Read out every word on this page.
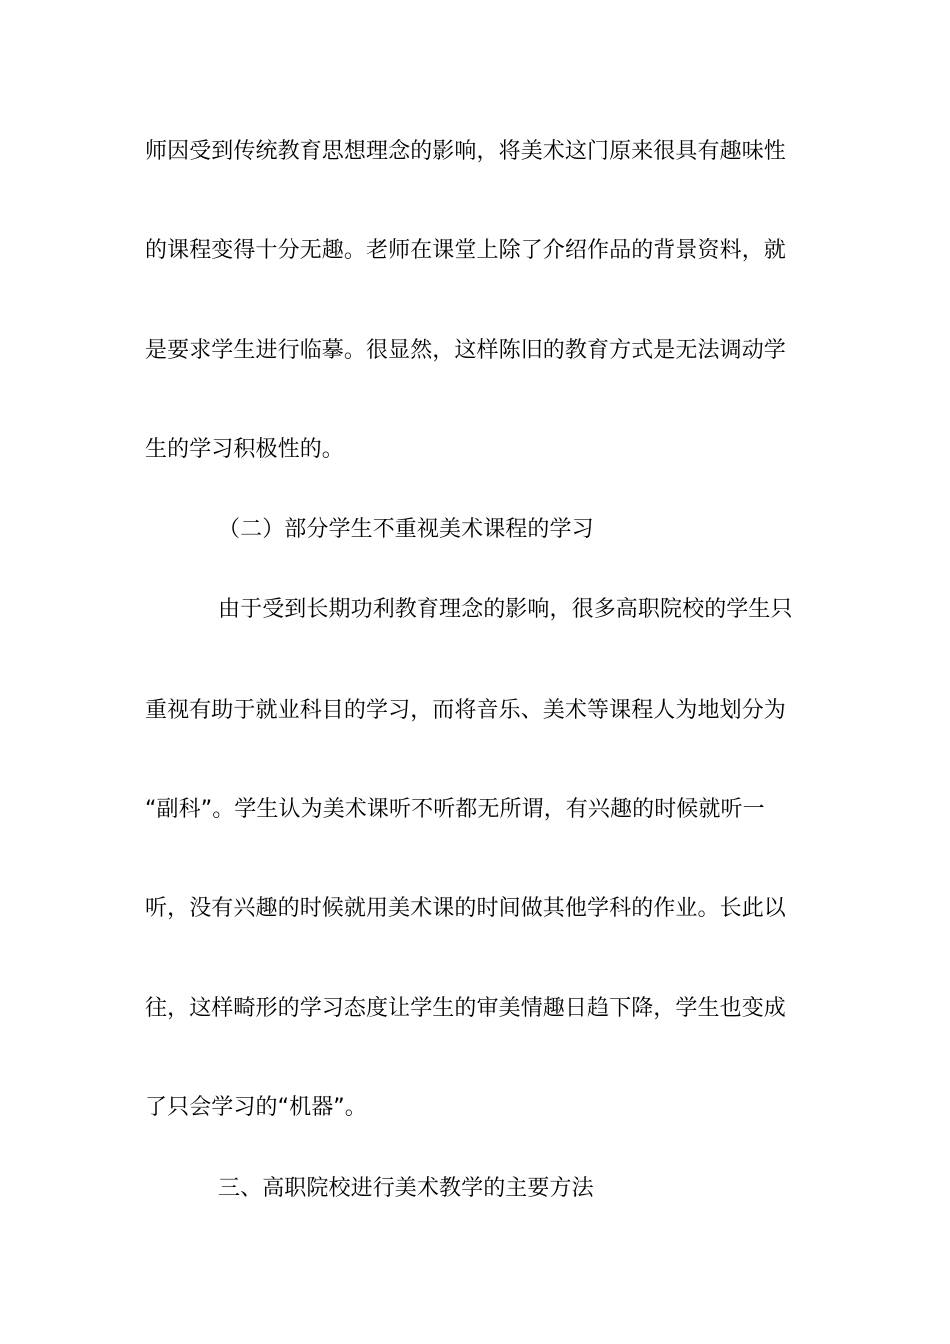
师因受到传统教育思想理念的影响，将美术这门原来很具有趣味性
的课程变得十分无趣。老师在课堂上除了介绍作品的背景资料，就
是要求学生进行临摹。很显然，这样陈旧的教育方式是无法调动学
生的学习积极性的。
（二）部分学生不重视美术课程的学习
由于受到长期功利教育理念的影响，很多高职院校的学生只
重视有助于就业科目的学习，而将音乐、美术等课程人为地划分为
“副科”。学生认为美术课听不听都无所谓，有兴趣的时候就听一
听，没有兴趣的时候就用美术课的时间做其他学科的作业。长此以
往，这样畸形的学习态度让学生的审美情趣日趋下降，学生也变成
了只会学习的“机器”。
三、高职院校进行美术教学的主要方法
